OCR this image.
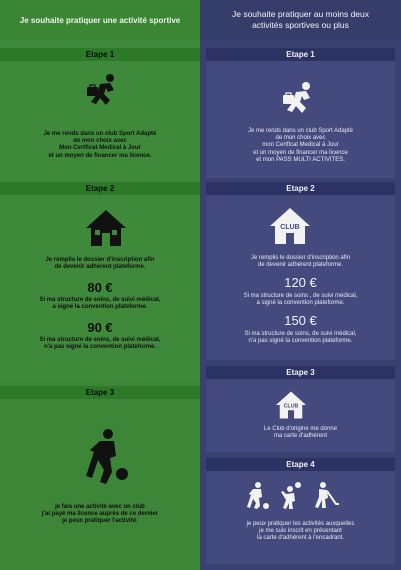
Je souhaite pratiquer une activité sportive
Etape 1
Je me rends dans un club Sport Adapté
de mon choix avec
Mon Certficat Medical à Jour
et un moyen de financer ma licence.
Etape 2
Je remplis le dossier d'inscription afin
de devenir adhérent plateforme.
80 €
Si ma structure de soins, de suivi médical,
a signé la convention plateforme.
90 €
Si ma structure de soins, de suivi médical,
n'a pas signé la convention plateforme.
Etape 3
je fais une activité avec un club
j'ai payé ma licence auprès de ce dernier
je peux pratiquer l'activité.
Je souhaite pratiquer au moins deux
activités sportives ou plus
Etape 1
Je me rends dans un club Sport Adapté
de mon choix avec
mon Certficat Medical à Jour
et un moyen de financer ma licence
et mon PASS MULTI ACTIVITES.
Etape 2
CLUB
Je remplis le dossier d'inscription afin
de devenir adhérent plateforme.
120 €
Si ma structure de soins , de suivi médical,
a signé la convention plateforme.
150 €
Si ma structure de soins, de suivi médical,
n'a pas signé la convention plateforme.
Etape 3
CLUB
Le Club d'origine me donne
ma carte d'adhérent
Etape 4
je peux pratiquer les activités auxquelles
je me suis inscrit en présentant
la carte d'adhérent à l'encadrant.
